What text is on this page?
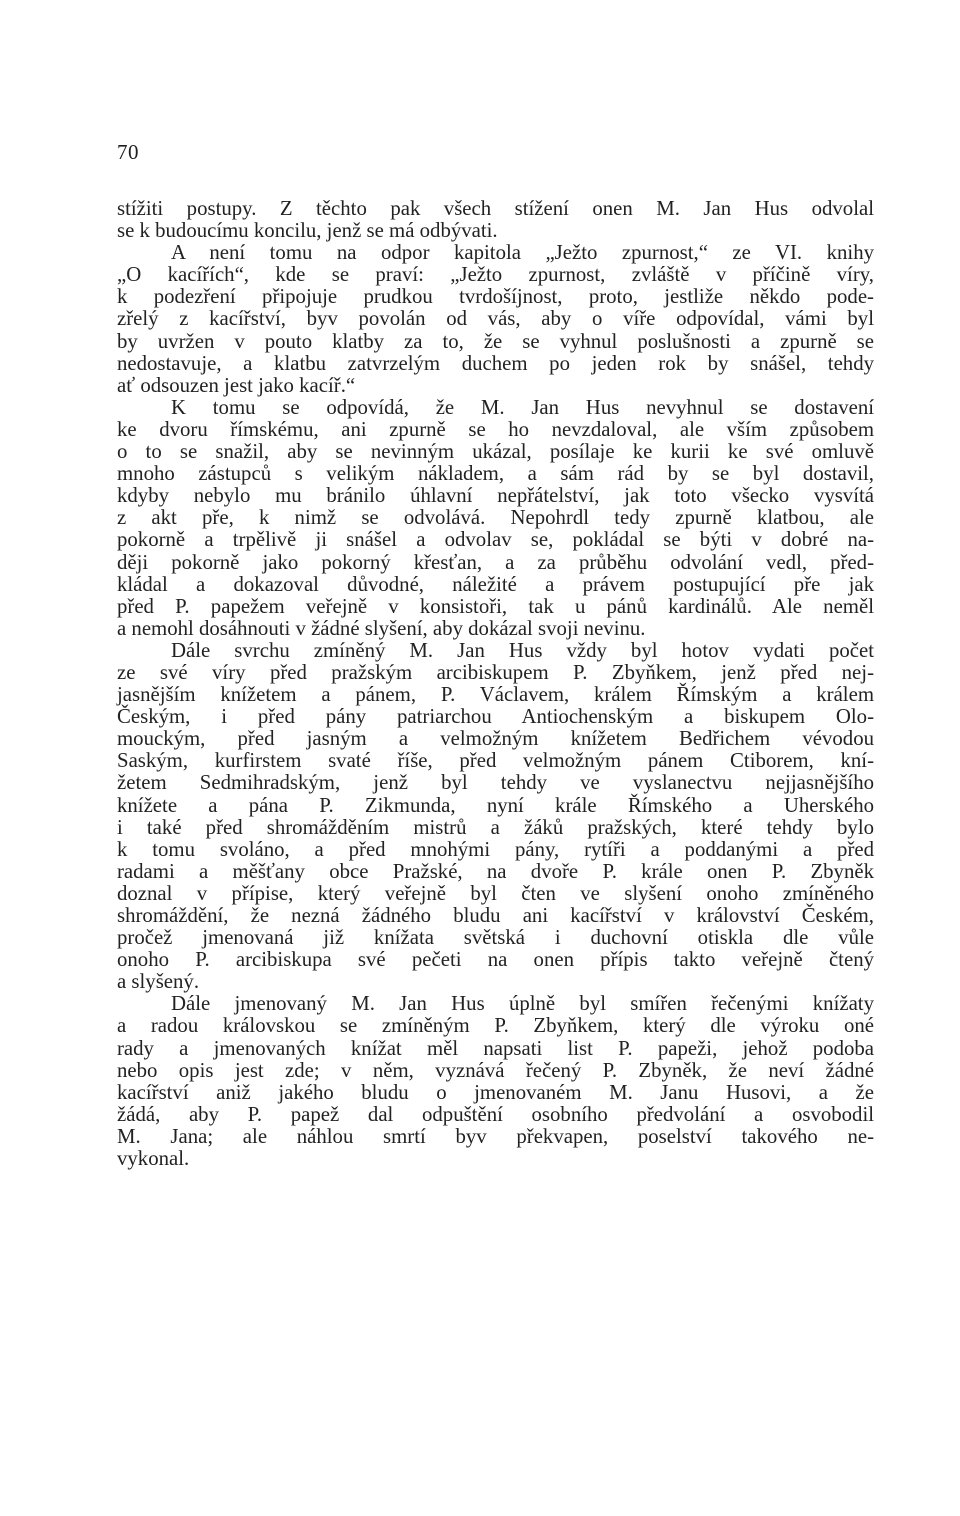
70
stížiti postupy. Z těchto pak všech stížení onen M. Jan Hus odvolal
se k budoucímu koncilu, jenž se má odbývati.
A není tomu na odpor kapitola „Ježto zpurnost,“ ze VI. knihy
„O kacířích“, kde se praví: „Ježto zpurnost, zvláště v příčině víry,
k podezření připojuje prudkou tvrdošíjnost, proto, jestliže někdo pode-
zřelý z kacířství, byv povolán od vás, aby o víře odpovídal, vámi byl
by uvržen v pouto klatby za to, že se vyhnul poslušnosti a zpurně se
nedostavuje, a klatbu zatvrzelým duchem po jeden rok by snášel, tehdy
ať odsouzen jest jako kacíř.“
K tomu se odpovídá, že M. Jan Hus nevyhnul se dostavení
ke dvoru římskému, ani zpurně se ho nevzdaloval, ale vším způsobem
o to se snažil, aby se nevinným ukázal, posílaje ke kurii ke své omluvě
mnoho zástupců s velikým nákladem, a sám rád by se byl dostavil,
kdyby nebylo mu bránilo úhlavní nepřátelství, jak toto všecko vysvítá
z akt pře, k nimž se odvolává. Nepohrdl tedy zpurně klatbou, ale
pokorně a trpělivě ji snášel a odvolav se, pokládal se býti v dobré na-
ději pokorně jako pokorný křesťan, a za průběhu odvolání vedl, před-
kládal a dokazoval důvodné, náležité a právem postupující pře jak
před P. papežem veřejně v konsistoři, tak u pánů kardinálů. Ale neměl
a nemohl dosáhnouti v žádné slyšení, aby dokázal svoji nevinu.
Dále svrchu zmíněný M. Jan Hus vždy byl hotov vydati počet
ze své víry před pražským arcibiskupem P. Zbyňkem, jenž před nej-
jasnějším knížetem a pánem, P. Václavem, králem Římským a králem
Českým, i před pány patriarchou Antiochenským a biskupem Olo-
mouckým, před jasným a velmožným knížetem Bedřichem vévodou
Saským, kurfirstem svaté říše, před velmožným pánem Ctiborem, kní-
žetem Sedmihradským, jenž byl tehdy ve vyslanectvu nejjasnějšího
knížete a pána P. Zikmunda, nyní krále Římského a Uherského
i také před shromážděním mistrů a žáků pražských, které tehdy bylo
k tomu svoláno, a před mnohými pány, rytíři a poddanými a před
radami a měšťany obce Pražské, na dvoře P. krále onen P. Zbyněk
doznal v přípise, který veřejně byl čten ve slyšení onoho zmíněného
shromáždění, že nezná žádného bludu ani kacířství v království Českém,
pročež jmenovaná již knížata světská i duchovní otiskla dle vůle
onoho P. arcibiskupa své pečeti na onen přípis takto veřejně čtený
a slyšený.
Dále jmenovaný M. Jan Hus úplně byl smířen řečenými knížaty
a radou královskou se zmíněným P. Zbyňkem, který dle výroku oné
rady a jmenovaných knížat měl napsati list P. papeži, jehož podoba
nebo opis jest zde; v něm, vyznává řečený P. Zbyněk, že neví žádné
kacířství aniž jakého bludu o jmenovaném M. Janu Husovi, a že
žádá, aby P. papež dal odpuštění osobního předvolání a osvobodil
M. Jana; ale náhlou smrtí byv překvapen, poselství takového ne-
vykonal.
